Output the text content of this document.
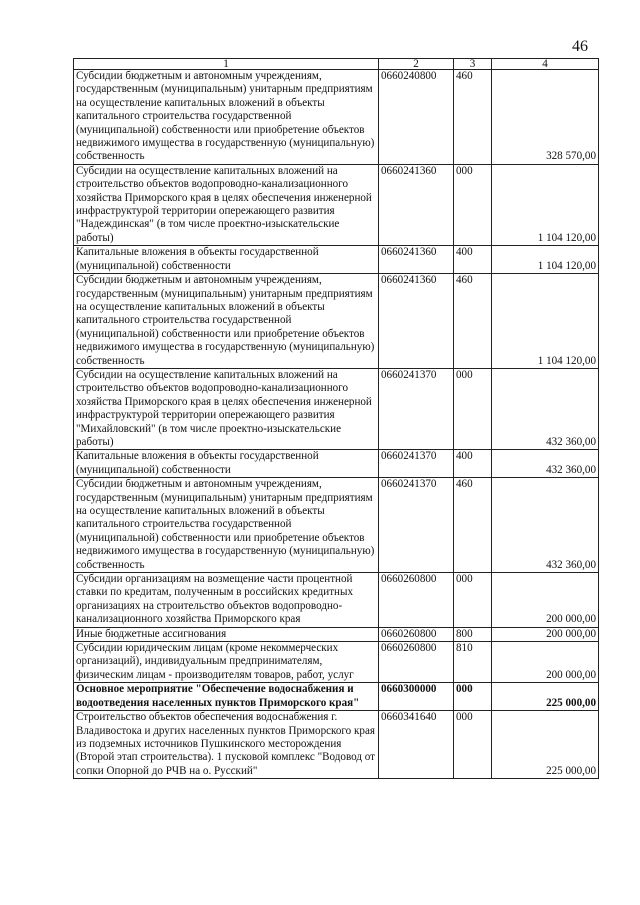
46
1	2	3	4
Субсидии бюджетным и автономным учреждениям, государственным (муниципальным) унитарным предприятиям на осуществление капитальных вложений в объекты капитального строительства государственной (муниципальной) собственности или приобретение объектов недвижимого имущества в государственную (муниципальную) собственность	0660240800	460	328 570,00
Субсидии на осуществление капитальных вложений на строительство объектов водопроводно-канализационного хозяйства Приморского края в целях обеспечения инженерной инфраструктурой территории опережающего развития "Надеждинская" (в том числе проектно-изыскательские работы)	0660241360	000	1 104 120,00
Капитальные вложения в объекты государственной (муниципальной) собственности	0660241360	400	1 104 120,00
Субсидии бюджетным и автономным учреждениям, государственным (муниципальным) унитарным предприятиям на осуществление капитальных вложений в объекты капитального строительства государственной (муниципальной) собственности или приобретение объектов недвижимого имущества в государственную (муниципальную) собственность	0660241360	460	1 104 120,00
Субсидии на осуществление капитальных вложений на строительство объектов водопроводно-канализационного хозяйства Приморского края в целях обеспечения инженерной инфраструктурой территории опережающего развития "Михайловский" (в том числе проектно-изыскательские работы)	0660241370	000	432 360,00
Капитальные вложения в объекты государственной (муниципальной) собственности	0660241370	400	432 360,00
Субсидии бюджетным и автономным учреждениям, государственным (муниципальным) унитарным предприятиям на осуществление капитальных вложений в объекты капитального строительства государственной (муниципальной) собственности или приобретение объектов недвижимого имущества в государственную (муниципальную) собственность	0660241370	460	432 360,00
Субсидии организациям на возмещение части процентной ставки по кредитам, полученным в российских кредитных организациях на строительство объектов водопроводно-канализационного хозяйства Приморского края	0660260800	000	200 000,00
Иные бюджетные ассигнования	0660260800	800	200 000,00
Субсидии юридическим лицам (кроме некоммерческих организаций), индивидуальным предпринимателям, физическим лицам - производителям товаров, работ, услуг	0660260800	810	200 000,00
Основное мероприятие "Обеспечение водоснабжения и водоотведения населенных пунктов Приморского края"	0660300000	000	225 000,00
Строительство объектов обеспечения водоснабжения г. Владивостока и других населенных пунктов Приморского края из подземных источников Пушкинского месторождения (Второй этап строительства). 1 пусковой комплекс "Водовод от сопки Опорной до РЧВ на о. Русский"	0660341640	000	225 000,00
